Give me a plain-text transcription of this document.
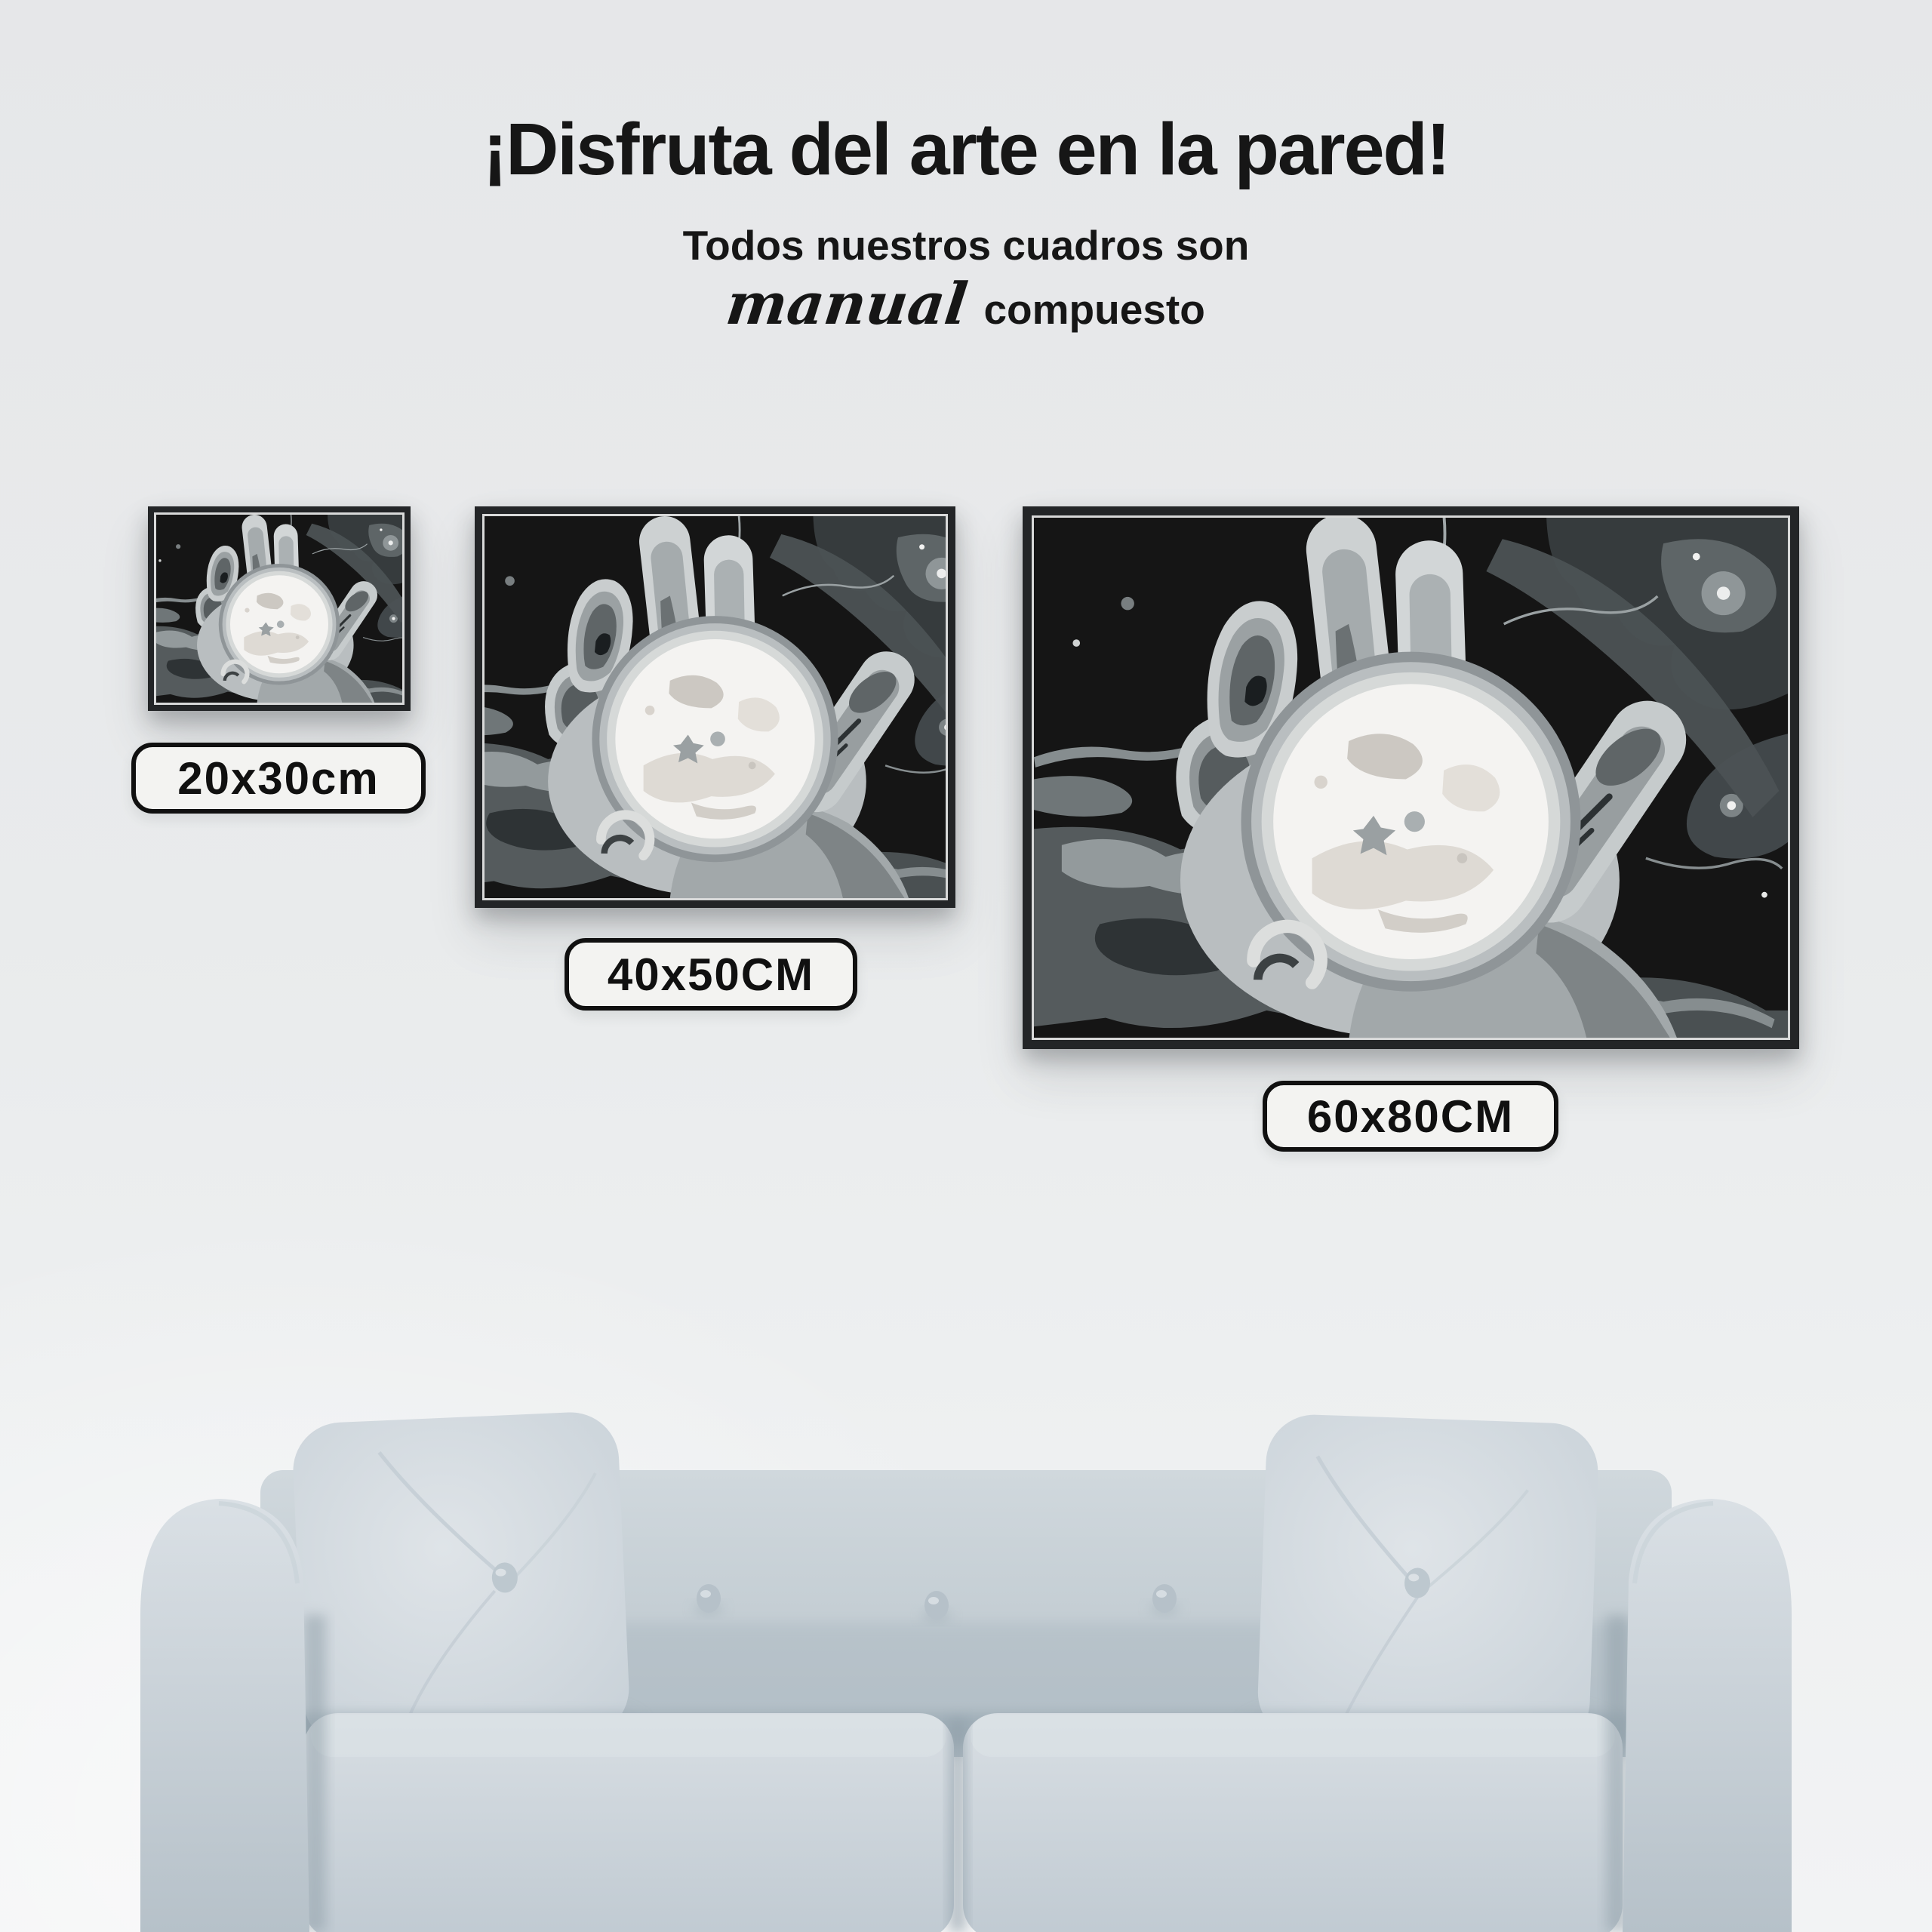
¡Disfruta del arte en la pared!

Todos nuestros cuadros son

manual compuesto

20x30cm
40x50CM
60x80CM
